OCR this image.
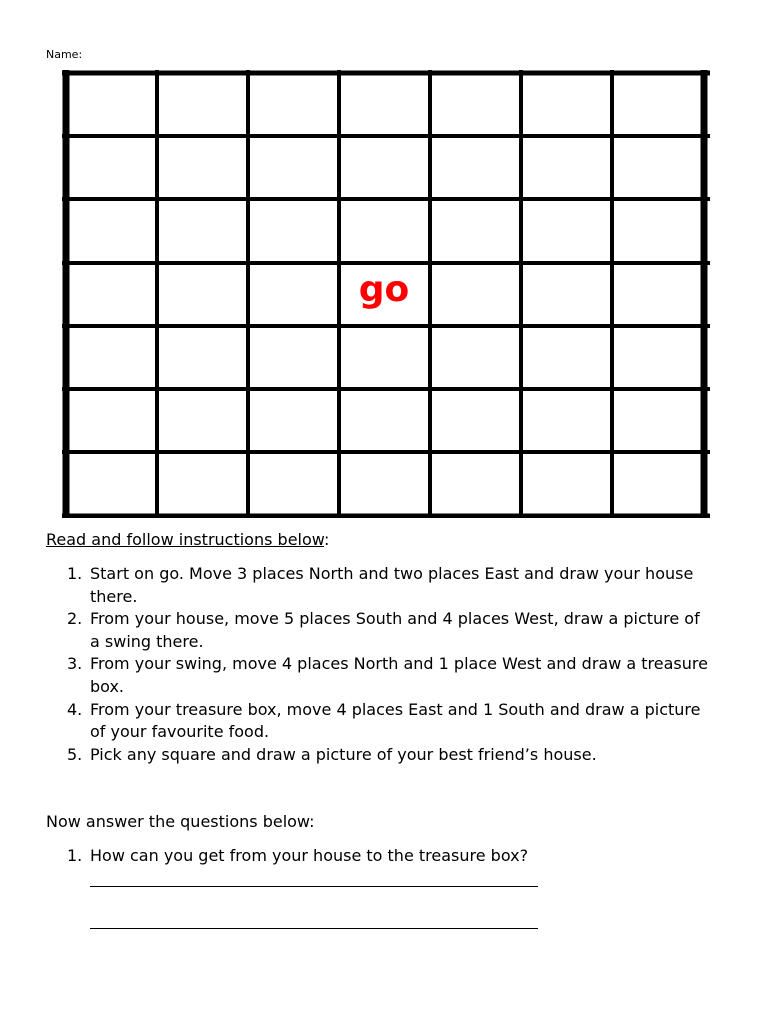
Name:
go
Read and follow instructions below:
1. Start on go. Move 3 places North and two places East and draw your house there.
2. From your house, move 5 places South and 4 places West, draw a picture of a swing there.
3. From your swing, move 4 places North and 1 place West and draw a treasure box.
4. From your treasure box, move 4 places East and 1 South and draw a picture of your favourite food.
5. Pick any square and draw a picture of your best friend’s house.
Now answer the questions below:
1. How can you get from your house to the treasure box?
